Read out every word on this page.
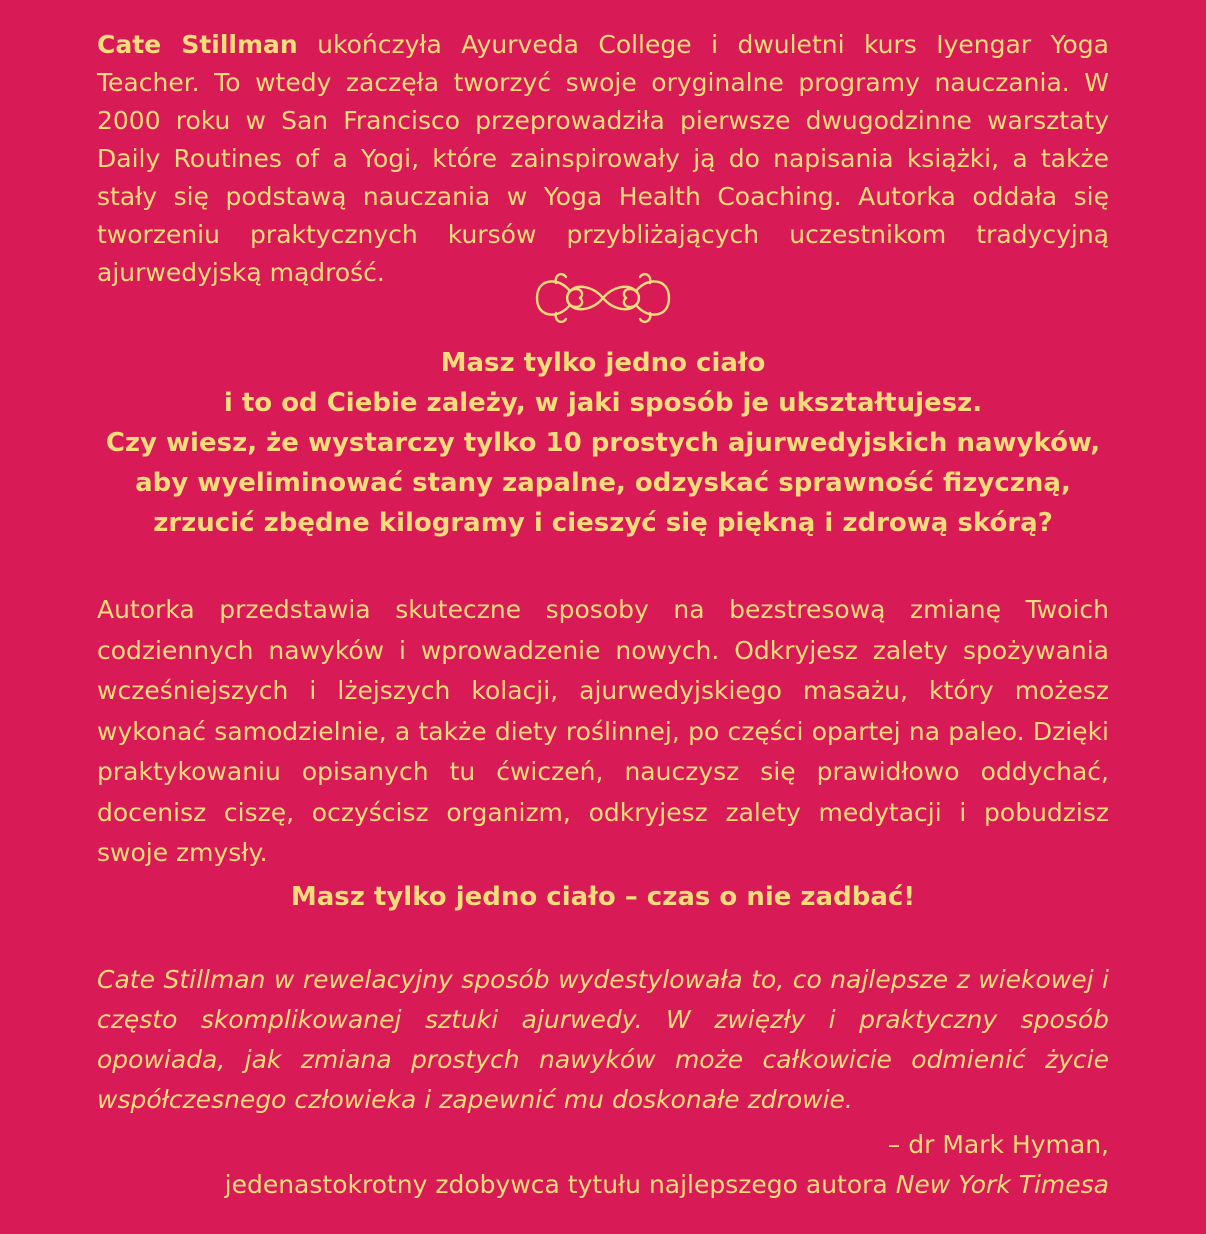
Cate Stillman ukończyła Ayurveda College i dwuletni kurs Iyengar Yoga Teacher. To wtedy zaczęła tworzyć swoje oryginalne programy nauczania. W 2000 roku w San Francisco przeprowadziła pierwsze dwugodzinne warsztaty Daily Routines of a Yogi, które zainspirowały ją do napisania książki, a także stały się podstawą nauczania w Yoga Health Coaching. Autorka oddała się tworzeniu praktycznych kursów przybliżających uczestnikom tradycyjną ajurwedyjską mądrość.

Masz tylko jedno ciało
i to od Ciebie zależy, w jaki sposób je ukształtujesz.
Czy wiesz, że wystarczy tylko 10 prostych ajurwedyjskich nawyków,
aby wyeliminować stany zapalne, odzyskać sprawność fizyczną,
zrzucić zbędne kilogramy i cieszyć się piękną i zdrową skórą?

Autorka przedstawia skuteczne sposoby na bezstresową zmianę Twoich codziennych nawyków i wprowadzenie nowych. Odkryjesz zalety spożywania wcześniejszych i lżejszych kolacji, ajurwedyjskiego masażu, który możesz wykonać samodzielnie, a także diety roślinnej, po części opartej na paleo. Dzięki praktykowaniu opisanych tu ćwiczeń, nauczysz się prawidłowo oddychać, docenisz ciszę, oczyścisz organizm, odkryjesz zalety medytacji i pobudzisz swoje zmysły.

Masz tylko jedno ciało – czas o nie zadbać!

Cate Stillman w rewelacyjny sposób wydestylowała to, co najlepsze z wiekowej i często skomplikowanej sztuki ajurwedy. W zwięzły i praktyczny sposób opowiada, jak zmiana prostych nawyków może całkowicie odmienić życie współczesnego człowieka i zapewnić mu doskonałe zdrowie.

– dr Mark Hyman,

jedenastokrotny zdobywca tytułu najlepszego autora New York Timesa
